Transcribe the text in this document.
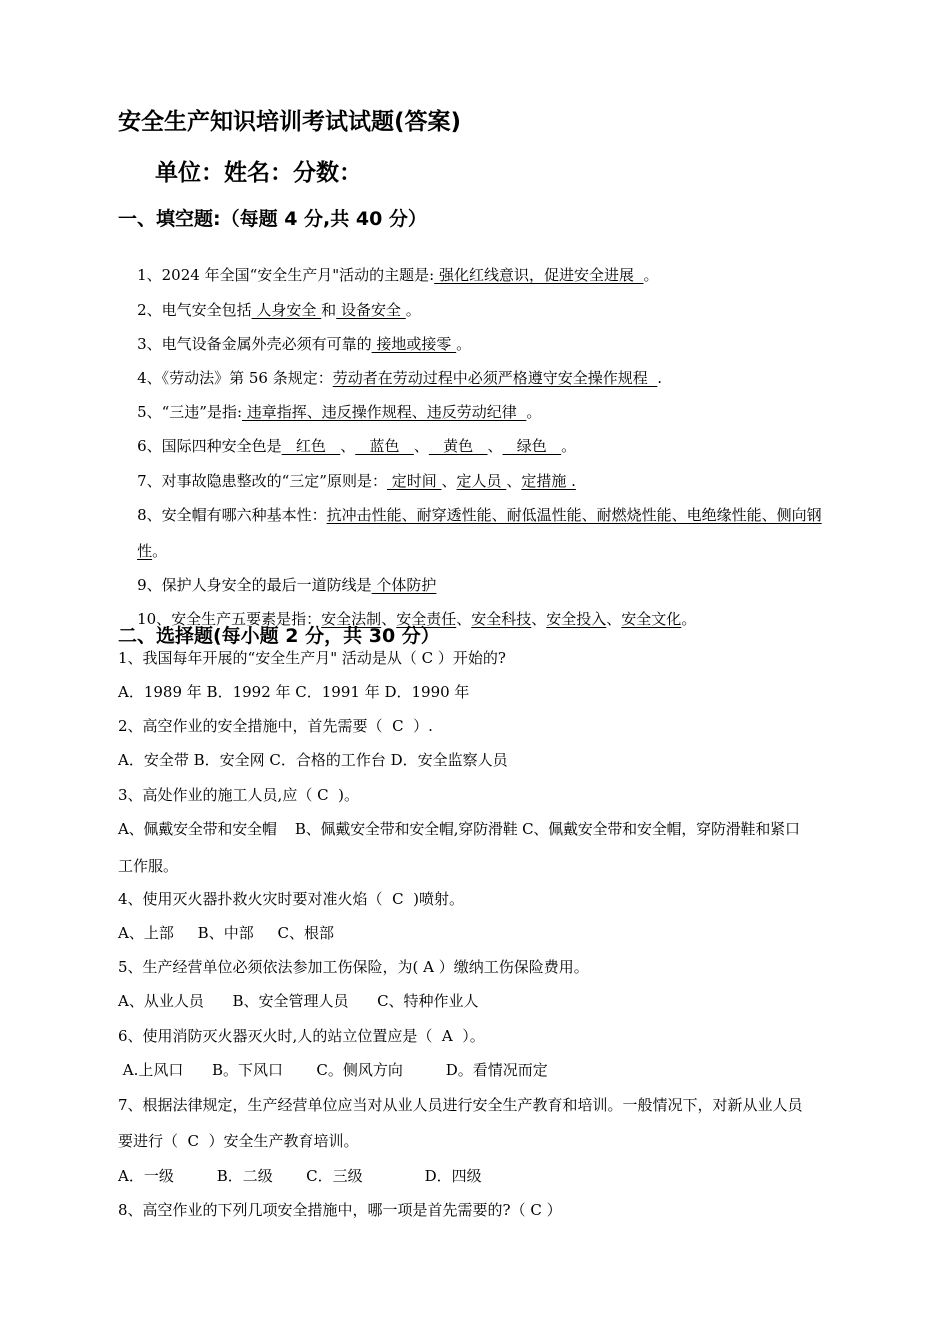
安全生产知识培训考试试题(答案)
单位：姓名：分数：
一、填空题:（每题 4 分,共 40 分）

1、2024 年全国“安全生产月"活动的主题是: 强化红线意识，促进安全进展  。

2、电气安全包括 人身安全 和 设备安全 。

3、电气设备金属外壳必须有可靠的 接地或接零 。

4、《劳动法》第 56 条规定：劳动者在劳动过程中必须严格遵守安全操作规程  .

5、“三违”是指: 违章指挥、违反操作规程、违反劳动纪律  。

6、国际四种安全色是   红色   、   蓝色   、   黄色   、   绿色   。

7、对事故隐患整改的“三定”原则是： 定时间 、定人员 、定措施 .

8、安全帽有哪六种基本性：抗冲击性能、耐穿透性能、耐低温性能、耐燃烧性能、电绝缘性能、侧向钢

性。

9、保护人身安全的最后一道防线是 个体防护

10、安全生产五要素是指：安全法制、安全责任、安全科技、安全投入、安全文化。

二、选择题(每小题 2 分，共 30 分）
1、我国每年开展的“安全生产月" 活动是从（ C ）开始的?
A．1989 年 B．1992 年 C．1991 年 D．1990 年
2、高空作业的安全措施中，首先需要（  C  ）.
A．安全带 B．安全网 C．合格的工作台 D．安全监察人员
3、高处作业的施工人员,应（ C  )。
A、佩戴安全带和安全帽    B、佩戴安全带和安全帽,穿防滑鞋 C、佩戴安全带和安全帽，穿防滑鞋和紧口
工作服。
4、使用灭火器扑救火灾时要对准火焰（  C  )喷射。
A、上部     B、中部     C、根部
5、生产经营单位必须依法参加工伤保险，为( A ）缴纳工伤保险费用。
A、从业人员      B、安全管理人员      C、特种作业人
6、使用消防灭火器灭火时,人的站立位置应是（  A  ）。
A.上风口      B。下风口       C。侧风方向         D。看情况而定
7、根据法律规定，生产经营单位应当对从业人员进行安全生产教育和培训。一般情况下，对新从业人员
要进行（  C  ）安全生产教育培训。
A．一级         B．二级       C．三级             D．四级
8、高空作业的下列几项安全措施中，哪一项是首先需要的?（ C ）
